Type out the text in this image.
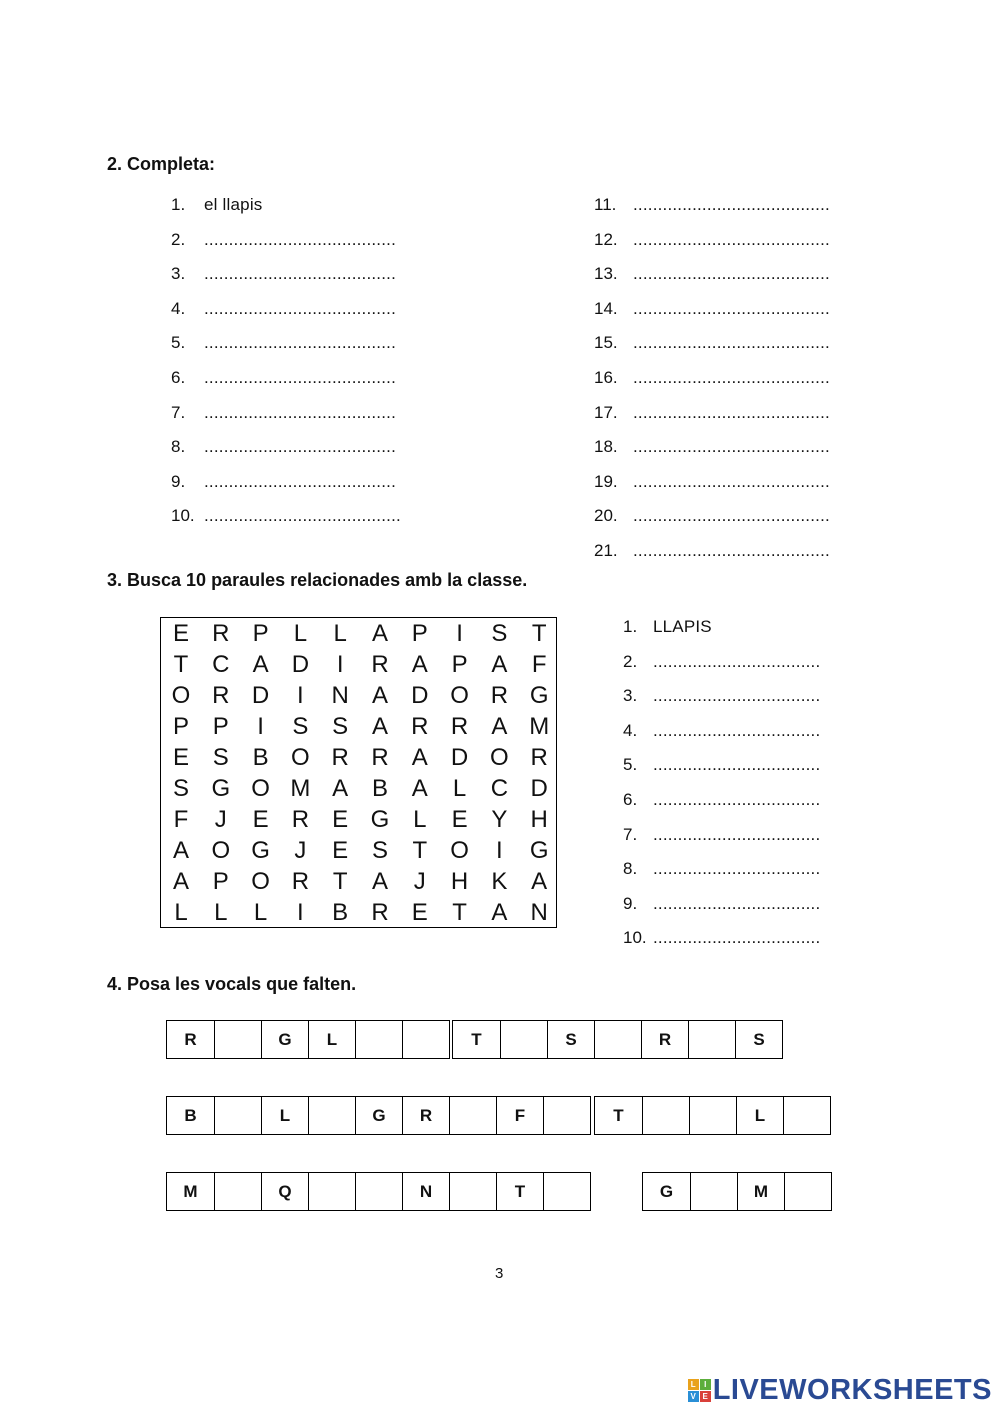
2. Completa:
1. el llapis
2. .......................................
3. .......................................
4. .......................................
5. .......................................
6. .......................................
7. .......................................
8. .......................................
9. .......................................
10. ........................................
11. ........................................
12. ........................................
13. ........................................
14. ........................................
15. ........................................
16. ........................................
17. ........................................
18. ........................................
19. ........................................
20. ........................................
21. ........................................
3. Busca 10 paraules relacionades amb la classe.
E R P	L	L	A P	I	S	T
T C A D	I	R A P A	F
O R D	I	N A D O R G
P P	I	S S A R R A M
E S B O R R A D O R
S G O M A B A	L	C D
F	J	E R E G L	E Y H
A O G	J	E S	T O	I	G
A P O R T	A	J	H K A
L	L	L	I	B R E	T	A N
1. LLAPIS
2. ..................................
3. ..................................
4. ..................................
5. ..................................
6. ..................................
7. ..................................
8. ..................................
9. ..................................
10. ..................................
4. Posa les vocals que falten.
R	G	L	T	S	R	S
B	L	G	R	F	T	L
M	Q	N	T	G	M
3
L	I
V E LIVEWORKSHEETS
